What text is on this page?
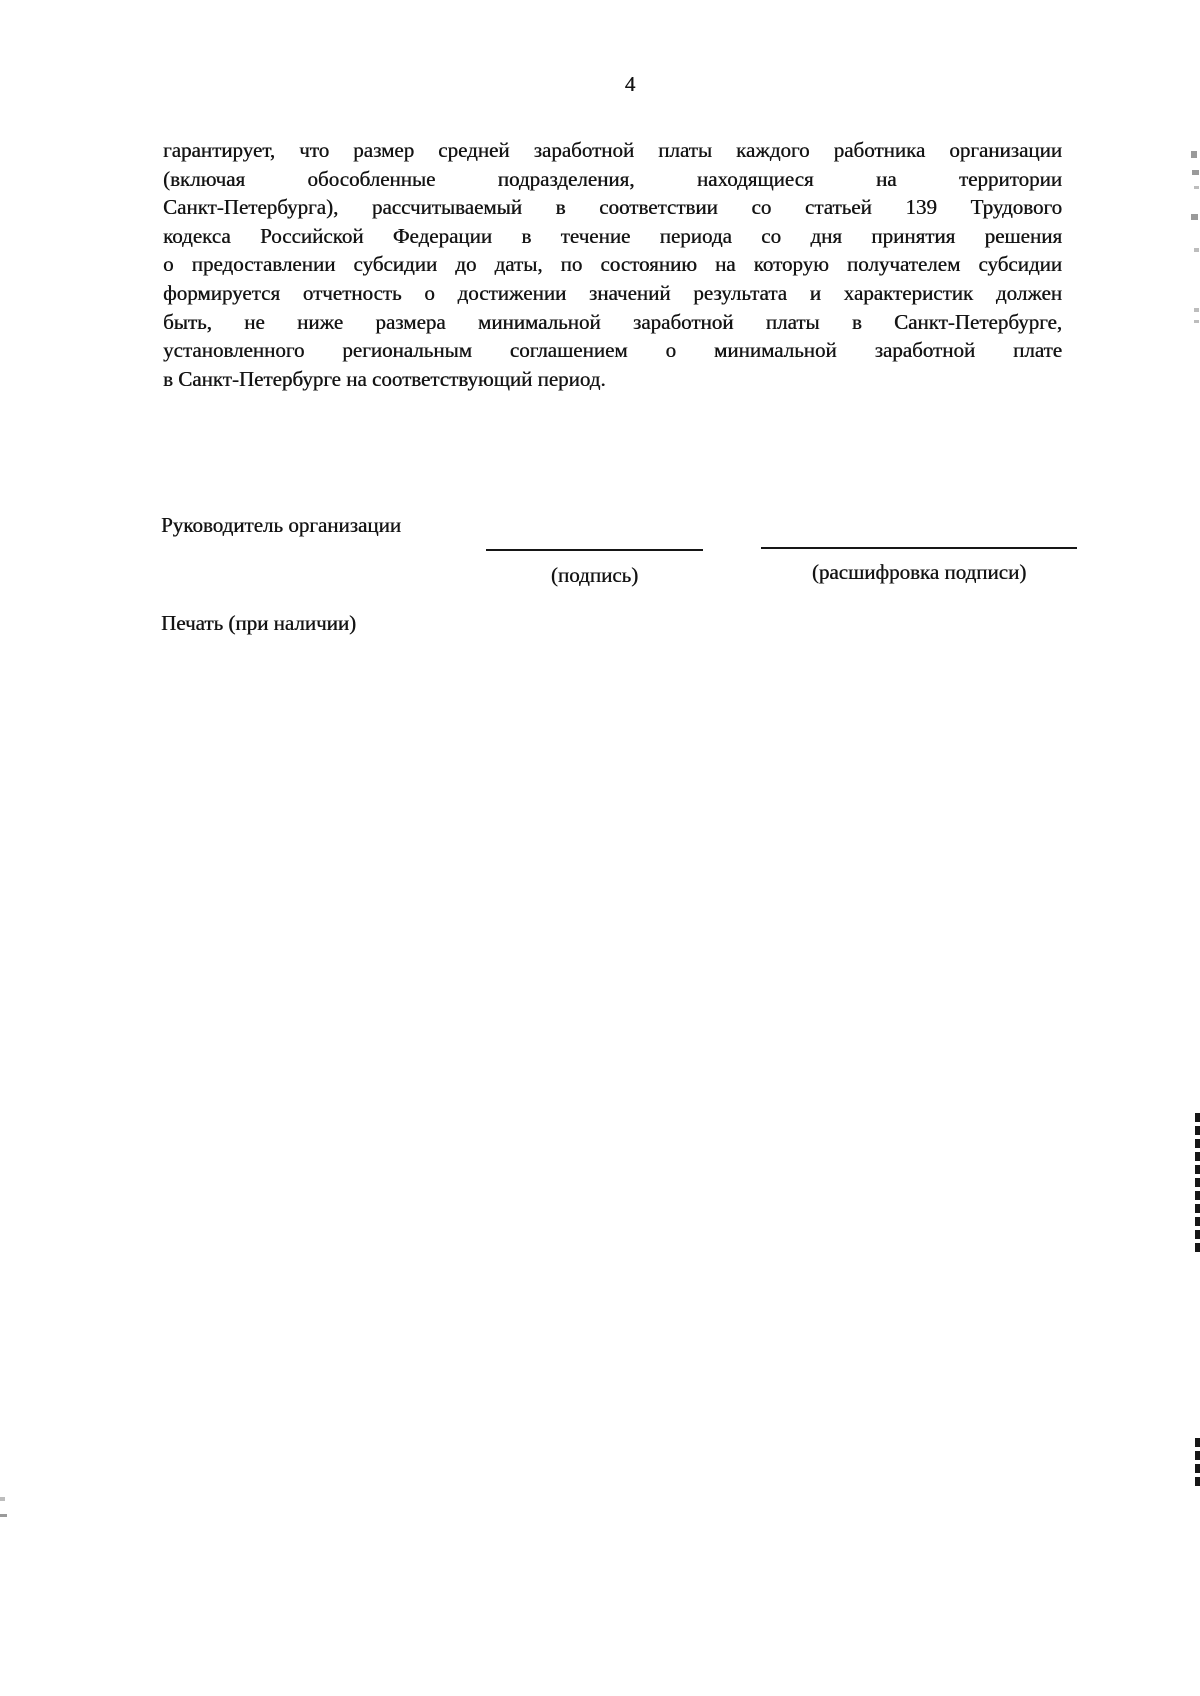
4
гарантирует, что размер средней заработной платы каждого работника организации
(включая обособленные подразделения, находящиеся на территории
Санкт-Петербурга), рассчитываемый в соответствии со статьей 139 Трудового
кодекса Российской Федерации в течение периода со дня принятия решения
о предоставлении субсидии до даты, по состоянию на которую получателем субсидии
формируется отчетность о достижении значений результата и характеристик должен
быть, не ниже размера минимальной заработной платы в Санкт-Петербурге,
установленного региональным соглашением о минимальной заработной плате
в Санкт-Петербурге на соответствующий период.
Руководитель организации
(подпись)	(расшифровка подписи)
Печать (при наличии)
